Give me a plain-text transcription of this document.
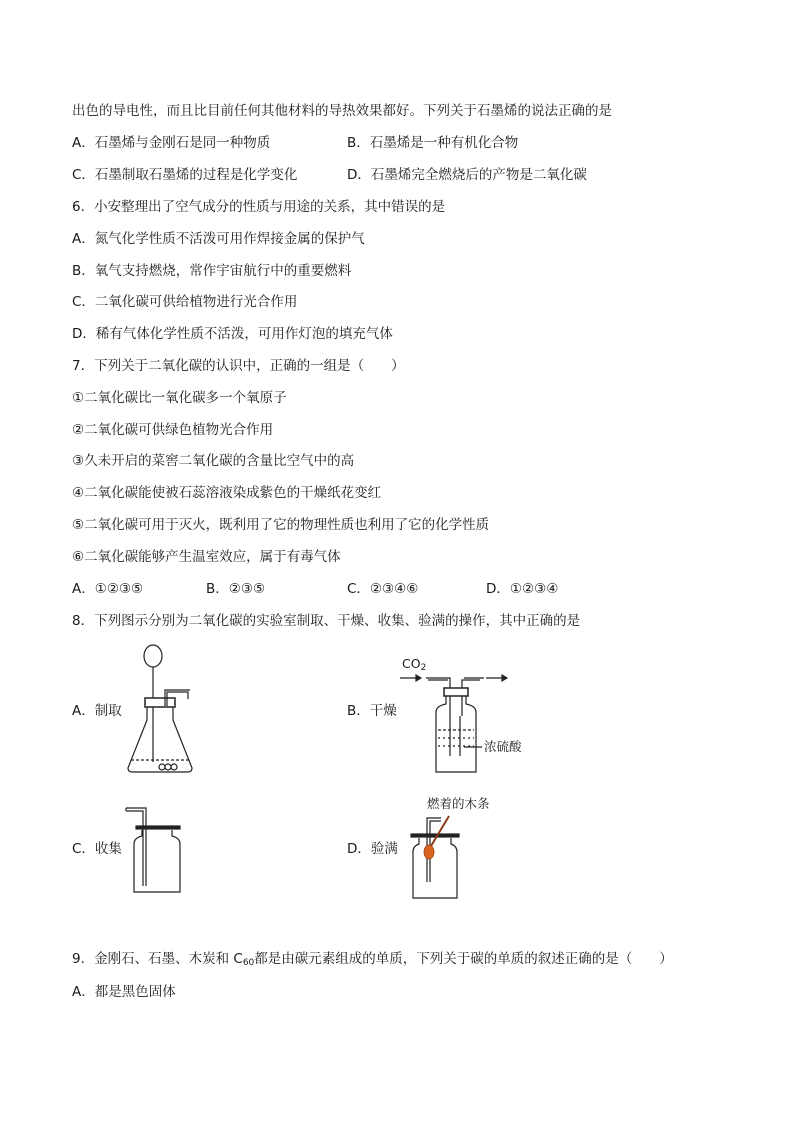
出色的导电性，而且比目前任何其他材料的导热效果都好。下列关于石墨烯的说法正确的是
A．石墨烯与金刚石是同一种物质	B．石墨烯是一种有机化合物
C．石墨制取石墨烯的过程是化学变化	D．石墨烯完全燃烧后的产物是二氧化碳
6．小安整理出了空气成分的性质与用途的关系，其中错误的是
A．氮气化学性质不活泼可用作焊接金属的保护气
B．氧气支持燃烧，常作宇宙航行中的重要燃料
C．二氧化碳可供给植物进行光合作用
D．稀有气体化学性质不活泼，可用作灯泡的填充气体
7．下列关于二氧化碳的认识中，正确的一组是（　　）
①二氧化碳比一氧化碳多一个氧原子
②二氧化碳可供绿色植物光合作用
③久未开启的菜窖二氧化碳的含量比空气中的高
④二氧化碳能使被石蕊溶液染成紫色的干燥纸花变红
⑤二氧化碳可用于灭火，既利用了它的物理性质也利用了它的化学性质
⑥二氧化碳能够产生温室效应，属于有毒气体
A．①②③⑤	B．②③⑤	C．②③④⑥	D．①②③④
8．下列图示分别为二氧化碳的实验室制取、干燥、收集、验满的操作，其中正确的是
A．制取	B．干燥
C．收集	D．验满
$CO_2$
浓硫酸
燃着的木条
9．金刚石、石墨、木炭和 $C_{60}$都是由碳元素组成的单质，下列关于碳的单质的叙述正确的是（　　）
A．都是黑色固体
